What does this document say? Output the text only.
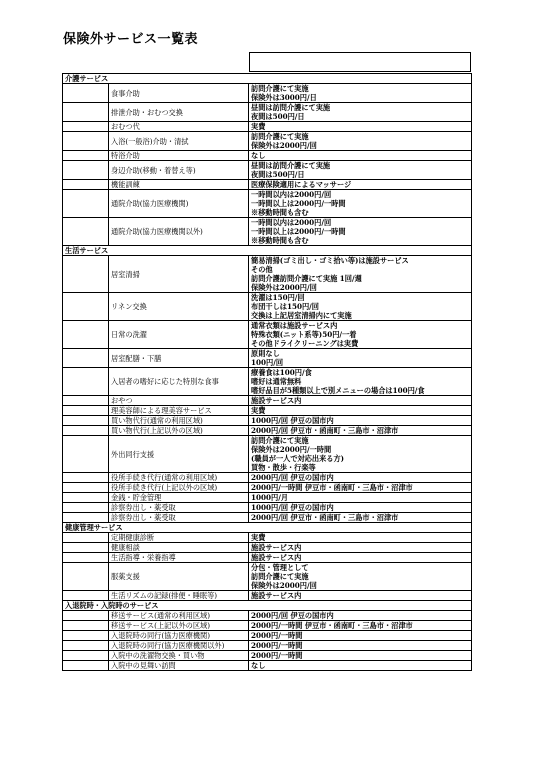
保険外サービス一覧表
介護サービス		
	食事介助	訪問介護にて実施
保険外は3000円/日

	排泄介助・おむつ交換	昼間は訪問介護にて実施
夜間は500円/日

	おむつ代	実費

	入浴(一般浴)介助・清拭	訪問介護にて実施
保険外は2000円/回

	特浴介助	なし

	身辺介助(移動・着替え等)	昼間は訪問介護にて実施
夜間は500円/日

	機能訓練	医療保険適用によるマッサージ

	通院介助(協力医療機関)	一時間以内は2000円/回
一時間以上は2000円/一時間
※移動時間も含む

	通院介助(協力医療機関以外)	一時間以内は2000円/回
一時間以上は2000円/一時間
※移動時間も含む

生活サービス		
	居室清掃	簡易清掃(ゴミ出し・ゴミ拾い等)は施設サービス
その他
訪問介護訪問介護にて実施 1回/週
保険外は2000円/回

	リネン交換	洗濯は150円/回
布団干しは150円/回
交換は上記居室清掃内にて実施

	日常の洗濯	通常衣類は施設サービス内
特殊衣類(ニット系等)50円/一着
その他ドライクリーニングは実費

	居室配膳・下膳	原則なし
100円/回

	入居者の嗜好に応じた特別な食事	療養食は100円/食
嗜好は通常無料
嗜好品目が5種類以上で別メニューの場合は100円/食

	おやつ	施設サービス内

	理美容師による理美容サービス	実費

	買い物代行(通常の利用区域)	1000円/回 伊豆の国市内

	買い物代行(上記以外の区域)	2000円/回 伊豆市・函南町・三島市・沼津市

	外出同行支援	訪問介護にて実施
保険外は2000円/一時間
(職員が一人で対応出来る方)
買物・散歩・行楽等

	役所手続き代行(通常の利用区域)	2000円/回 伊豆の国市内

	役所手続き代行(上記以外の区域)	2000円/一時間 伊豆市・函南町・三島市・沼津市

	金銭・貯金管理	1000円/月

	診察券出し・薬受取	1000円/回 伊豆の国市内

	診察券出し・薬受取	2000円/回 伊豆市・函南町・三島市・沼津市

健康管理サービス		
	定期健康診断	実費

	健康相談	施設サービス内

	生活指導・栄養指導	施設サービス内

	服薬支援	分包・管理として
訪問介護にて実施
保険外は2000円/回

	生活リズムの記録(排便・睡眠等)	施設サービス内

入退院時・入院時のサービス		
	移送サービス(通常の利用区域)	2000円/回 伊豆の国市内

	移送サービス(上記以外の区域)	2000円/一時間 伊豆市・函南町・三島市・沼津市

	入退院時の同行(協力医療機関)	2000円/一時間

	入退院時の同行(協力医療機関以外)	2000円/一時間

	入院中の洗濯物交換・買い物	2000円/一時間

	入院中の見舞い訪問	なし
